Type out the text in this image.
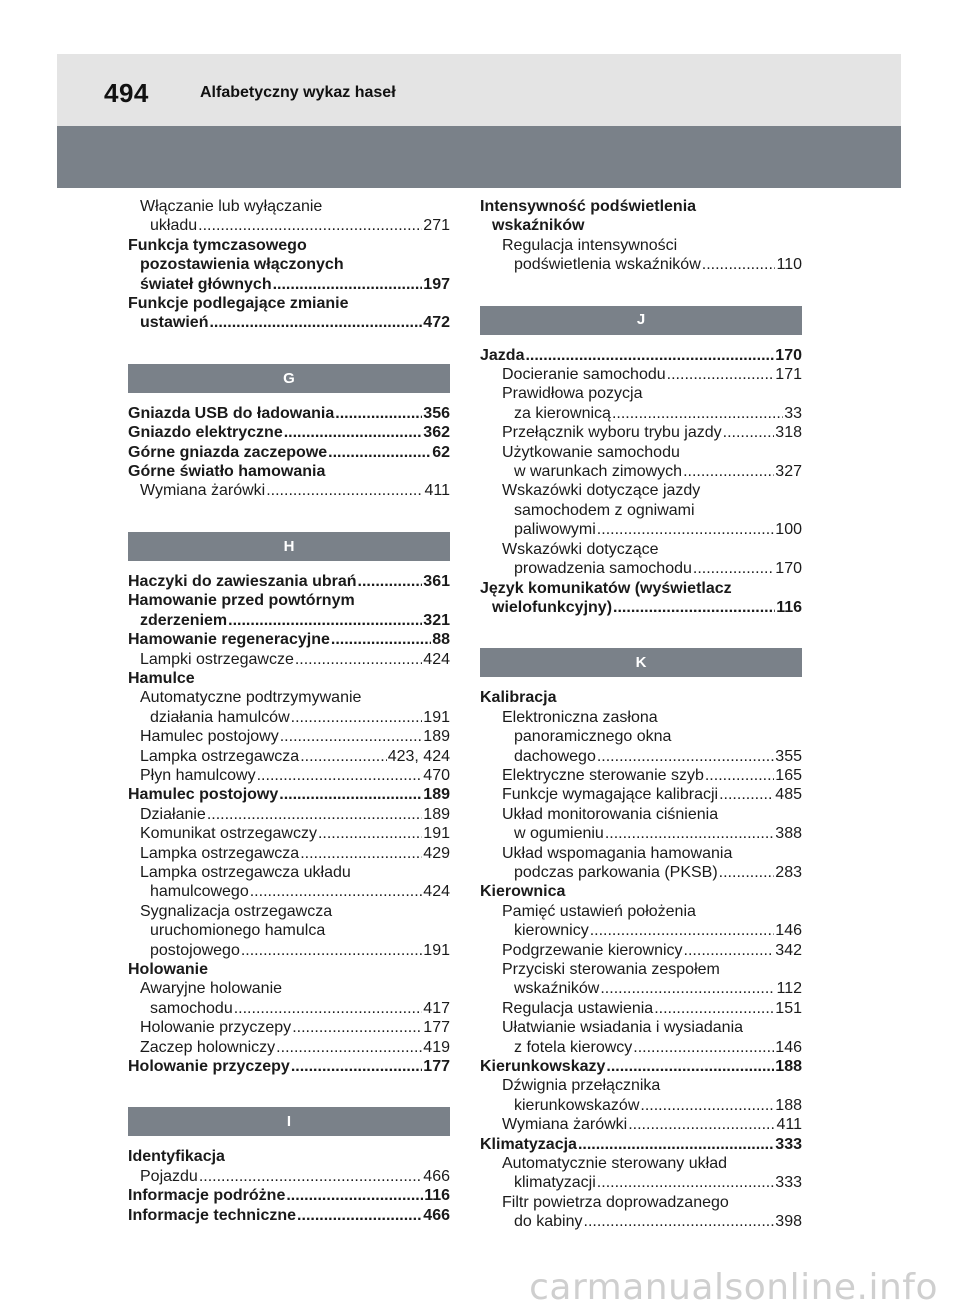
494	Alfabetyczny wykaz haseł
Włączanie lub wyłączanie
układu .....	271
Funkcja tymczasowego
pozostawienia włączonych
świateł głównych .....	197
Funkcje podlegające zmianie
ustawień .....	472
G
Gniazda USB do ładowania .....	356
Gniazdo elektryczne .....	362
Górne gniazda zaczepowe .....	62
Górne światło hamowania
Wymiana żarówki .....	411
H
Haczyki do zawieszania ubrań .....	361
Hamowanie przed powtórnym
zderzeniem .....	321
Hamowanie regeneracyjne .....	88
Lampki ostrzegawcze .....	424
Hamulce
Automatyczne podtrzymywanie
działania hamulców .....	191
Hamulec postojowy .....	189
Lampka ostrzegawcza .....	423, 424
Płyn hamulcowy .....	470
Hamulec postojowy .....	189
Działanie .....	189
Komunikat ostrzegawczy .....	191
Lampka ostrzegawcza .....	429
Lampka ostrzegawcza układu
hamulcowego .....	424
Sygnalizacja ostrzegawcza
uruchomionego hamulca
postojowego .....	191
Holowanie
Awaryjne holowanie
samochodu .....	417
Holowanie przyczepy .....	177
Zaczep holowniczy .....	419
Holowanie przyczepy .....	177
I
Identyfikacja
Pojazdu .....	466
Informacje podróżne .....	116
Informacje techniczne .....	466
Intensywność podświetlenia
wskaźników
Regulacja intensywności
podświetlenia wskaźników .....	110
J
Jazda .....	170
Docieranie samochodu .....	171
Prawidłowa pozycja
za kierownicą .....	33
Przełącznik wyboru trybu jazdy .....	318
Użytkowanie samochodu
w warunkach zimowych .....	327
Wskazówki dotyczące jazdy
samochodem z ogniwami
paliwowymi .....	100
Wskazówki dotyczące
prowadzenia samochodu .....	170
Język komunikatów (wyświetlacz
wielofunkcyjny) .....	116
K
Kalibracja
Elektroniczna zasłona
panoramicznego okna
dachowego .....	355
Elektryczne sterowanie szyb .....	165
Funkcje wymagające kalibracji .....	485
Układ monitorowania ciśnienia
w ogumieniu .....	388
Układ wspomagania hamowania
podczas parkowania (PKSB) .....	283
Kierownica
Pamięć ustawień położenia
kierownicy .....	146
Podgrzewanie kierownicy .....	342
Przyciski sterowania zespołem
wskaźników .....	112
Regulacja ustawienia .....	151
Ułatwianie wsiadania i wysiadania
z fotela kierowcy .....	146
Kierunkowskazy .....	188
Dźwignia przełącznika
kierunkowskazów .....	188
Wymiana żarówki .....	411
Klimatyzacja .....	333
Automatycznie sterowany układ
klimatyzacji .....	333
Filtr powietrza doprowadzanego
do kabiny .....	398
carmanualsonline.info
